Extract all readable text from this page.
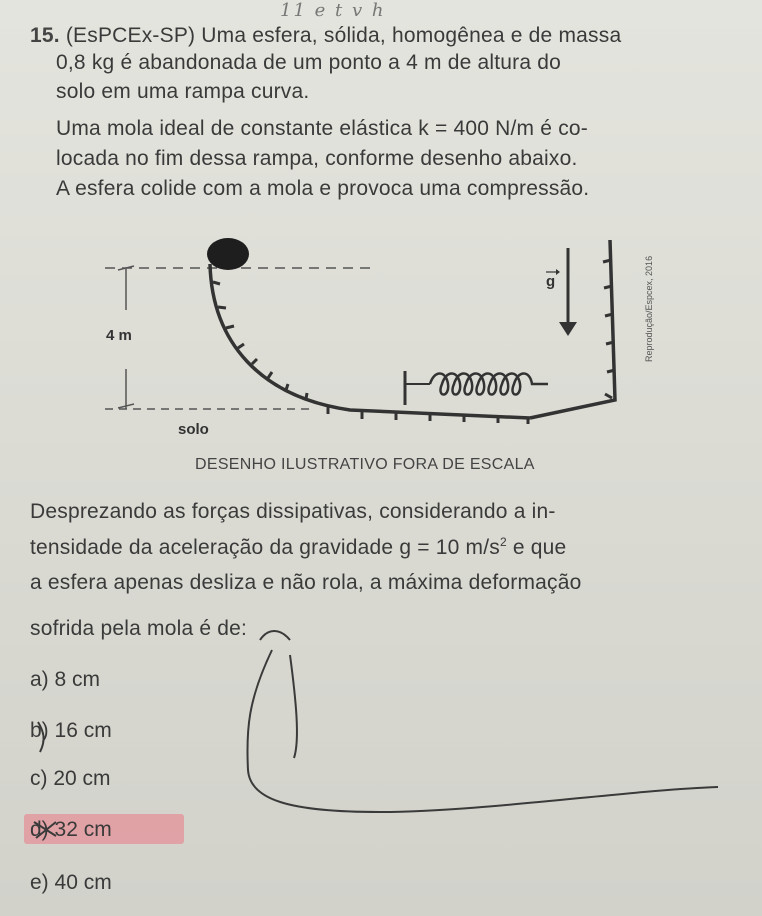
11 e t v h
15. (EsPCEx-SP) Uma esfera, sólida, homogênea e de massa
0,8 kg é abandonada de um ponto a 4 m de altura do
solo em uma rampa curva.
Uma mola ideal de constante elástica k = 400 N/m é co-
locada no fim dessa rampa, conforme desenho abaixo.
A esfera colide com a mola e provoca uma compressão.
4 m
solo
g	Reprodução/Espcex, 2016
DESENHO ILUSTRATIVO FORA DE ESCALA
Desprezando as forças dissipativas, considerando a in-
tensidade da aceleração da gravidade g = 10 $m/s^2$ e que
a esfera apenas desliza e não rola, a máxima deformação
sofrida pela mola é de:
a) 8 cm
b) 16 cm
c) 20 cm
d) 32 cm
e) 40 cm
